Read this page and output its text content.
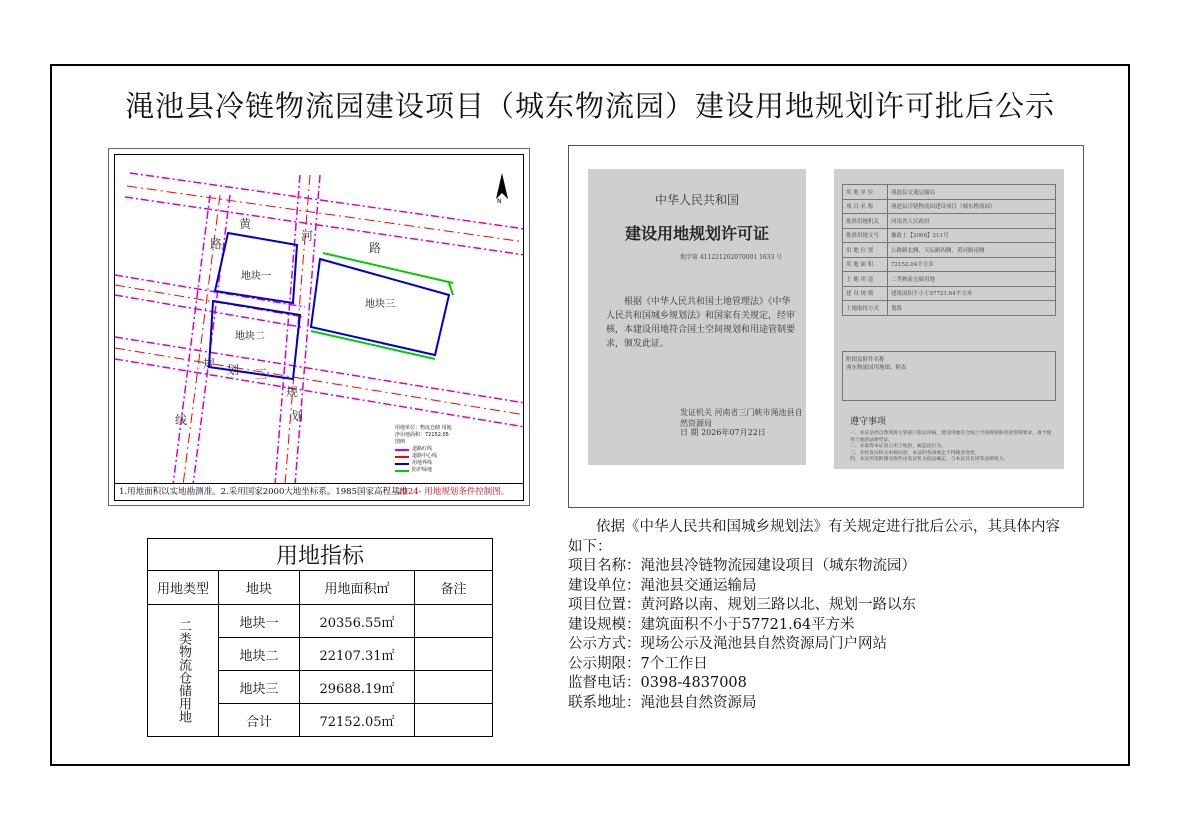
渑池县冷链物流园建设项目（城东物流园）建设用地规划许可批后公示
N
地块一
地块二
地块三
黄
河
路
规 划 三
规
划
线
路
用地单位：物流仓储 用地
净用地面积：72152.05
图例
道路红线
道路中心线
用地界线
防护绿地
1.用地面积以实地勘测准。2.采用国家2000大地坐标系。1985国家高程基准
2024- 用地规划条件控制图。
中华人民共和国
建设用地规划许可证
地字第 411221202070001 1633 号
根据《中华人民共和国土地管理法》《中华人民共和国城乡规划法》和国家有关规定，经审核，本建设用地符合国土空间规划和用途管制要求，颁发此证。
发证机关 河南省三门峡市渑池县自然资源局
日 期 2026年07月22日
用 地 单 位	渑池县交通运输局
项 目 名 称	渑池县冷链物流园建设项目（城东物流园）
批准用地机关	河南省人民政府
批准用地文号	豫政土【2009】211号
用 地 位 置	公路路北侧、天坛路西侧、黄河路南侧
用 地 面 积	72152.04平方米
土 地 用 途	二类物流仓储用地
建 设 规 模	建筑面积不小于57721.64平方米
土地取得方式	划拨
附图及附件名称
渑东物流园用地图、附表
遵守事项
一、本证是经自然资源主管部门依法审核，建设用地符合国土空间规划和用途管制要求，准予使用土地的法律凭证。
二、未取得本证而占用土地的，属违法行为。
三、未经发证机关审核同意，本证的各项规定不得随意变更。
四、本证所需附图及附件由发证机关依法确定，与本证具有同等法律效力。
用地指标			
用地类型	地块	用地面积㎡	备注

二类物流仓储用地	地块一	20356.55㎡	
	地块二	22107.31㎡	
	地块三	29688.19㎡	
	合计	72152.05㎡	

依据《中华人民共和国城乡规划法》有关规定进行批后公示，其具体内容如下：

项目名称：渑池县冷链物流园建设项目（城东物流园）

建设单位：渑池县交通运输局

项目位置：黄河路以南、规划三路以北、规划一路以东

建设规模：建筑面积不小于57721.64平方米

公示方式：现场公示及渑池县自然资源局门户网站

公示期限：7个工作日

监督电话：0398-4837008

联系地址：渑池县自然资源局
